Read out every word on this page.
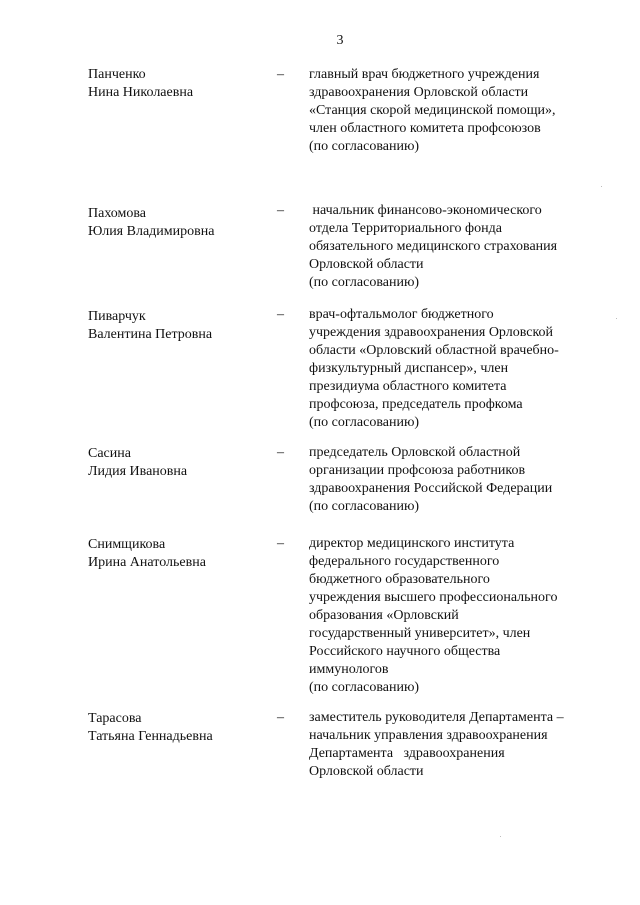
3
Панченко
Нина Николаевна
–	главный врач бюджетного учреждения
здравоохранения Орловской области
«Станция скорой медицинской помощи»,
член областного комитета профсоюзов
(по согласованию)
Пахомова
Юлия Владимировна
–	начальник финансово-экономического
отдела Территориального фонда
обязательного медицинского страхования
Орловской области
(по согласованию)
Пиварчук
Валентина Петровна
–	врач-офтальмолог бюджетного
учреждения здравоохранения Орловской
области «Орловский областной врачебно-
физкультурный диспансер», член
президиума областного комитета
профсоюза, председатель профкома
(по согласованию)
Сасина
Лидия Ивановна
–	председатель Орловской областной
организации профсоюза работников
здравоохранения Российской Федерации
(по согласованию)
Снимщикова
Ирина Анатольевна
–	директор медицинского института
федерального государственного
бюджетного образовательного
учреждения высшего профессионального
образования «Орловский
государственный университет», член
Российского научного общества
иммунологов
(по согласованию)
Тарасова
Татьяна Геннадьевна
–	заместитель руководителя Департамента –
начальник управления здравоохранения
Департамента   здравоохранения
Орловской области
